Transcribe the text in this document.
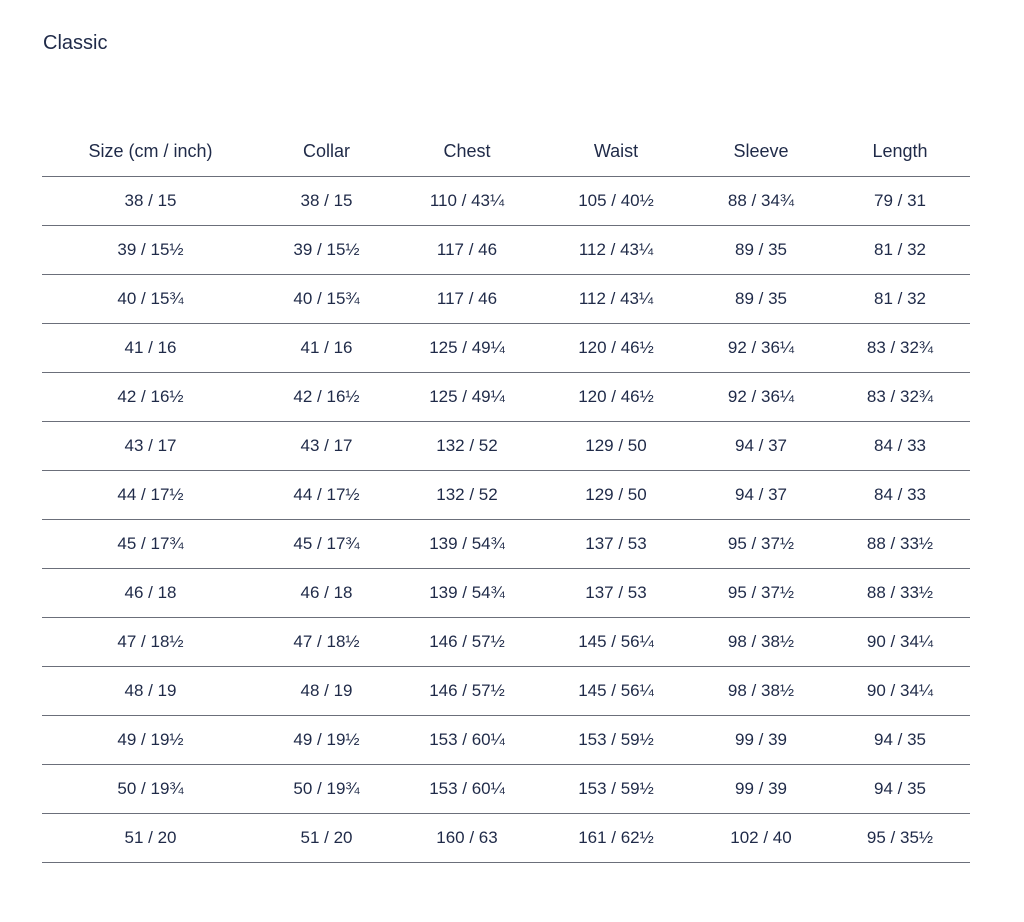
Classic
Size (cm / inch)	Collar	Chest	Waist	Sleeve	Length
38 / 15	38 / 15	110 / 43¼	105 / 40½	88 / 34¾	79 / 31
39 / 15½	39 / 15½	117 / 46	112 / 43¼	89 / 35	81 / 32
40 / 15¾	40 / 15¾	117 / 46	112 / 43¼	89 / 35	81 / 32
41 / 16	41 / 16	125 / 49¼	120 / 46½	92 / 36¼	83 / 32¾
42 / 16½	42 / 16½	125 / 49¼	120 / 46½	92 / 36¼	83 / 32¾
43 / 17	43 / 17	132 / 52	129 / 50	94 / 37	84 / 33
44 / 17½	44 / 17½	132 / 52	129 / 50	94 / 37	84 / 33
45 / 17¾	45 / 17¾	139 / 54¾	137 / 53	95 / 37½	88 / 33½
46 / 18	46 / 18	139 / 54¾	137 / 53	95 / 37½	88 / 33½
47 / 18½	47 / 18½	146 / 57½	145 / 56¼	98 / 38½	90 / 34¼
48 / 19	48 / 19	146 / 57½	145 / 56¼	98 / 38½	90 / 34¼
49 / 19½	49 / 19½	153 / 60¼	153 / 59½	99 / 39	94 / 35
50 / 19¾	50 / 19¾	153 / 60¼	153 / 59½	99 / 39	94 / 35
51 / 20	51 / 20	160 / 63	161 / 62½	102 / 40	95 / 35½
